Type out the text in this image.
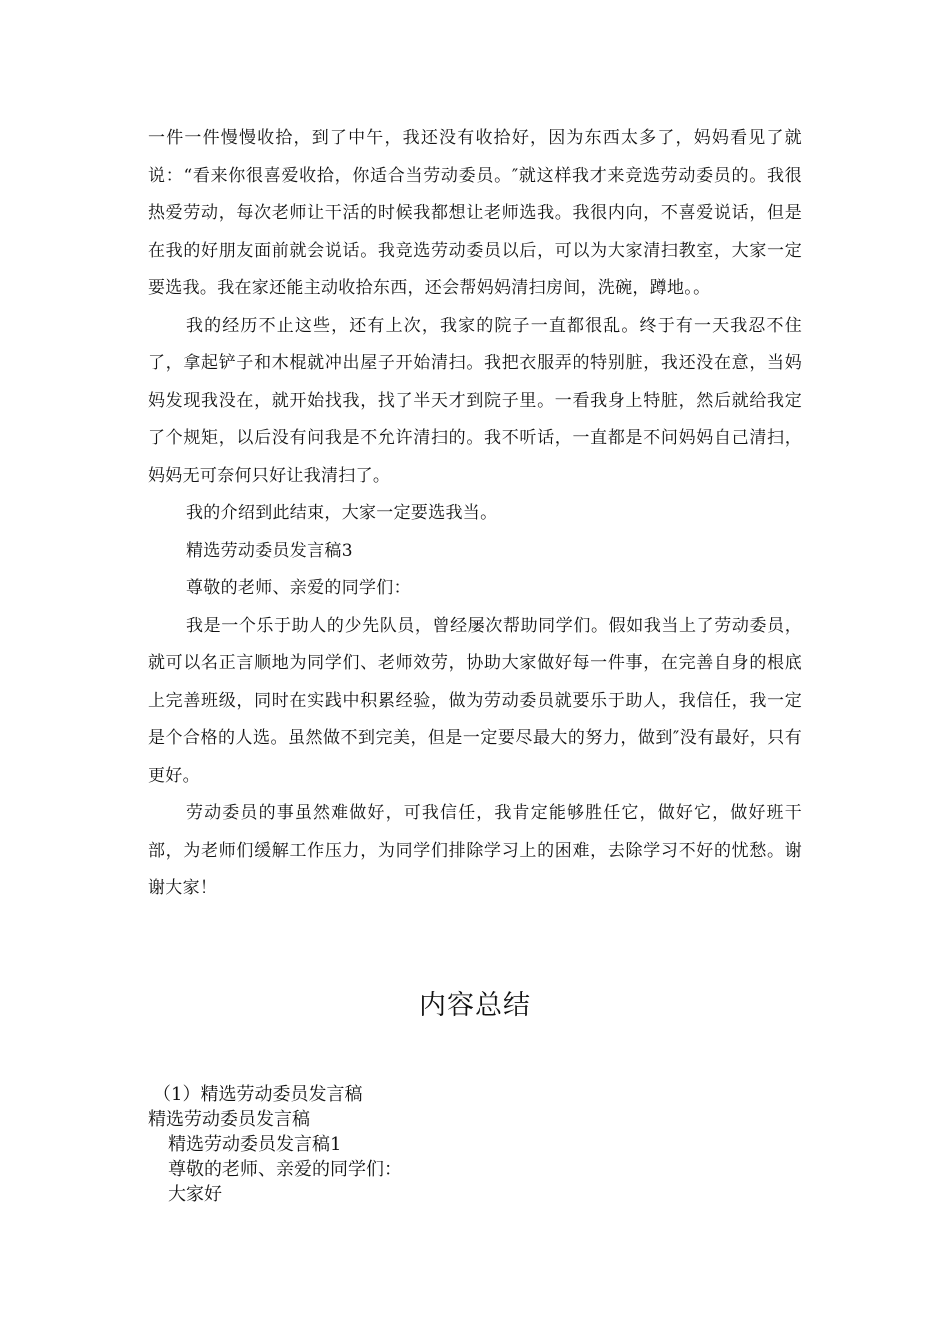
一件一件慢慢收拾，到了中午，我还没有收拾好，因为东西太多了，妈妈看见了就说：“看来你很喜爱收拾，你适合当劳动委员。″就这样我才来竞选劳动委员的。我很热爱劳动，每次老师让干活的时候我都想让老师选我。我很内向，不喜爱说话，但是在我的好朋友面前就会说话。我竞选劳动委员以后，可以为大家清扫教室，大家一定要选我。我在家还能主动收拾东西，还会帮妈妈清扫房间，洗碗，蹲地。。

我的经历不止这些，还有上次，我家的院子一直都很乱。终于有一天我忍不住了，拿起铲子和木棍就冲出屋子开始清扫。我把衣服弄的特别脏，我还没在意，当妈妈发现我没在，就开始找我，找了半天才到院子里。一看我身上特脏，然后就给我定了个规矩，以后没有问我是不允许清扫的。我不听话，一直都是不问妈妈自己清扫，妈妈无可奈何只好让我清扫了。

我的介绍到此结束，大家一定要选我当。

精选劳动委员发言稿3

尊敬的老师、亲爱的同学们：

我是一个乐于助人的少先队员，曾经屡次帮助同学们。假如我当上了劳动委员，就可以名正言顺地为同学们、老师效劳，协助大家做好每一件事，在完善自身的根底上完善班级，同时在实践中积累经验，做为劳动委员就要乐于助人，我信任，我一定是个合格的人选。虽然做不到完美，但是一定要尽最大的努力，做到″没有最好，只有更好。

劳动委员的事虽然难做好，可我信任，我肯定能够胜任它，做好它，做好班干部，为老师们缓解工作压力，为同学们排除学习上的困难，去除学习不好的忧愁。谢谢大家！

内容总结

（1）精选劳动委员发言稿

精选劳动委员发言稿

精选劳动委员发言稿1

尊敬的老师、亲爱的同学们：

大家好
